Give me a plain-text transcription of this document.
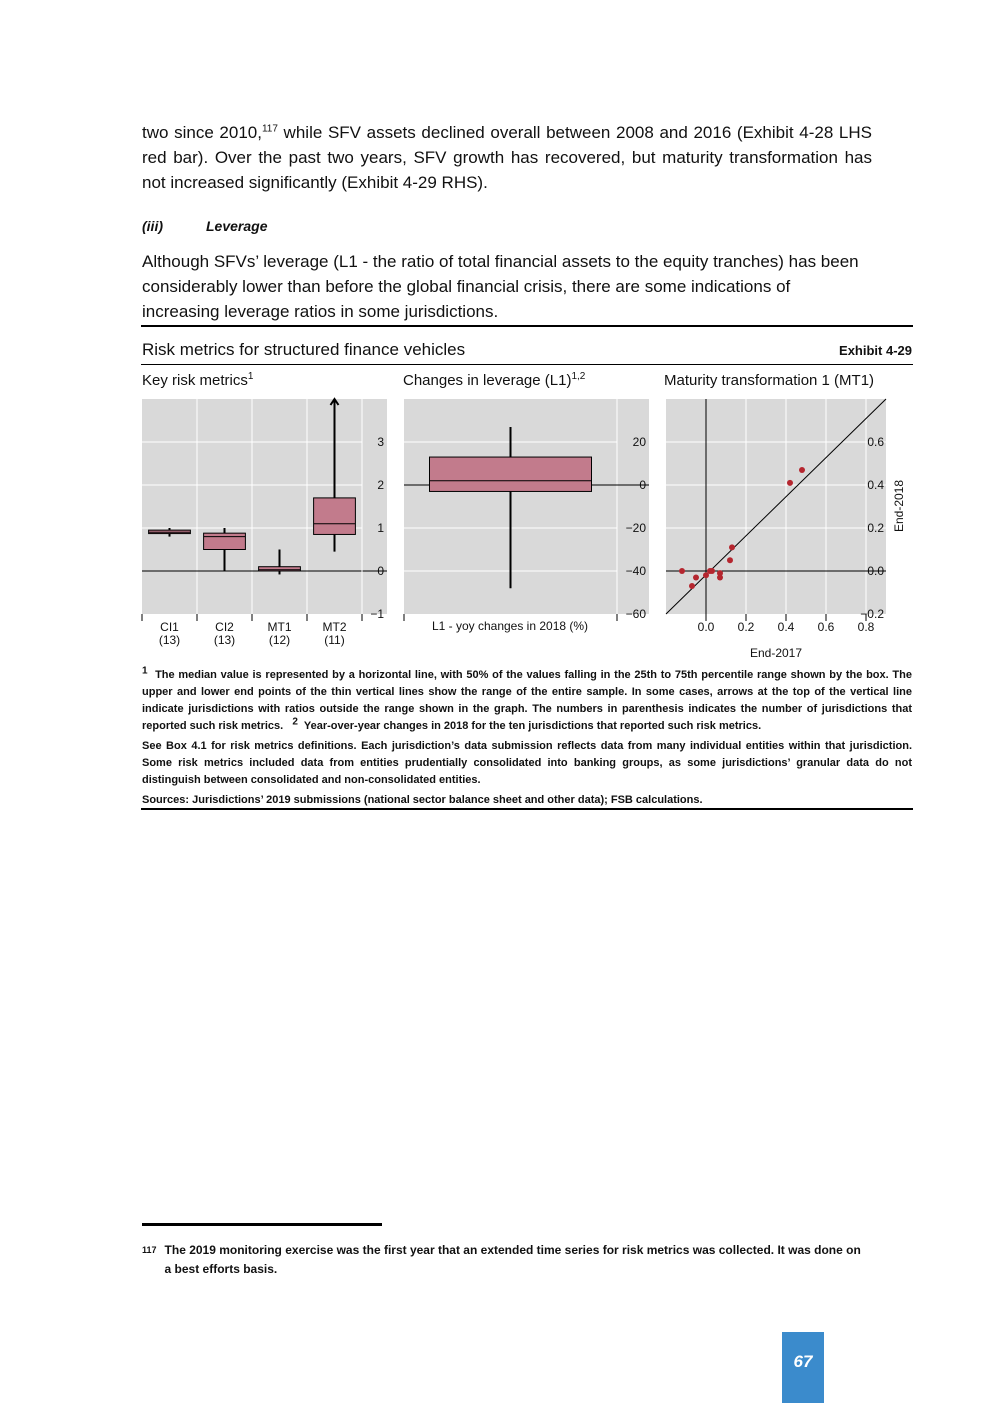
two since 2010,$^{117}$ while SFV assets declined overall between 2008 and 2016 (Exhibit 4-28 LHS red bar). Over the past two years, SFV growth has recovered, but maturity transformation has not increased significantly (Exhibit 4-29 RHS).

(iii)	Leverage

Although SFVs’ leverage (L1 - the ratio of total financial assets to the equity tranches) has been considerably lower than before the global financial crisis, there are some indications of increasing leverage ratios in some jurisdictions.

Risk metrics for structured finance vehicles	Exhibit 4-29
Key risk metrics$^1$	Changes in leverage $(L1)^{1,2}$	Maturity transformation 1 (MT1)
−1
0
1
2
3
CI1
(13)
CI2
(13)
MT1
(12)
MT2
(11)
−60
−40
−20
0
20
L1 - yoy changes in 2018 (%)	0.0 0.2 0.4 0.6 0.8
−0.2
0.0
0.2
0.4
0.6
End-2017
End-2018

1 The median value is represented by a horizontal line, with 50% of the values falling in the 25th to 75th percentile range shown by the box. The upper and lower end points of the thin vertical lines show the range of the entire sample. In some cases, arrows at the top of the vertical line indicate jurisdictions with ratios outside the range shown in the graph. The numbers in parenthesis indicates the number of jurisdictions that reported such risk metrics. 2 Year-over-year changes in 2018 for the ten jurisdictions that reported such risk metrics.

See Box 4.1 for risk metrics definitions. Each jurisdiction’s data submission reflects data from many individual entities within that jurisdiction. Some risk metrics included data from entities prudentially consolidated into banking groups, as some jurisdictions’ granular data do not distinguish between consolidated and non-consolidated entities.

Sources: Jurisdictions’ 2019 submissions (national sector balance sheet and other data); FSB calculations.

$^{117}$ The 2019 monitoring exercise was the first year that an extended time series for risk metrics was collected. It was done on a best efforts basis.
67
